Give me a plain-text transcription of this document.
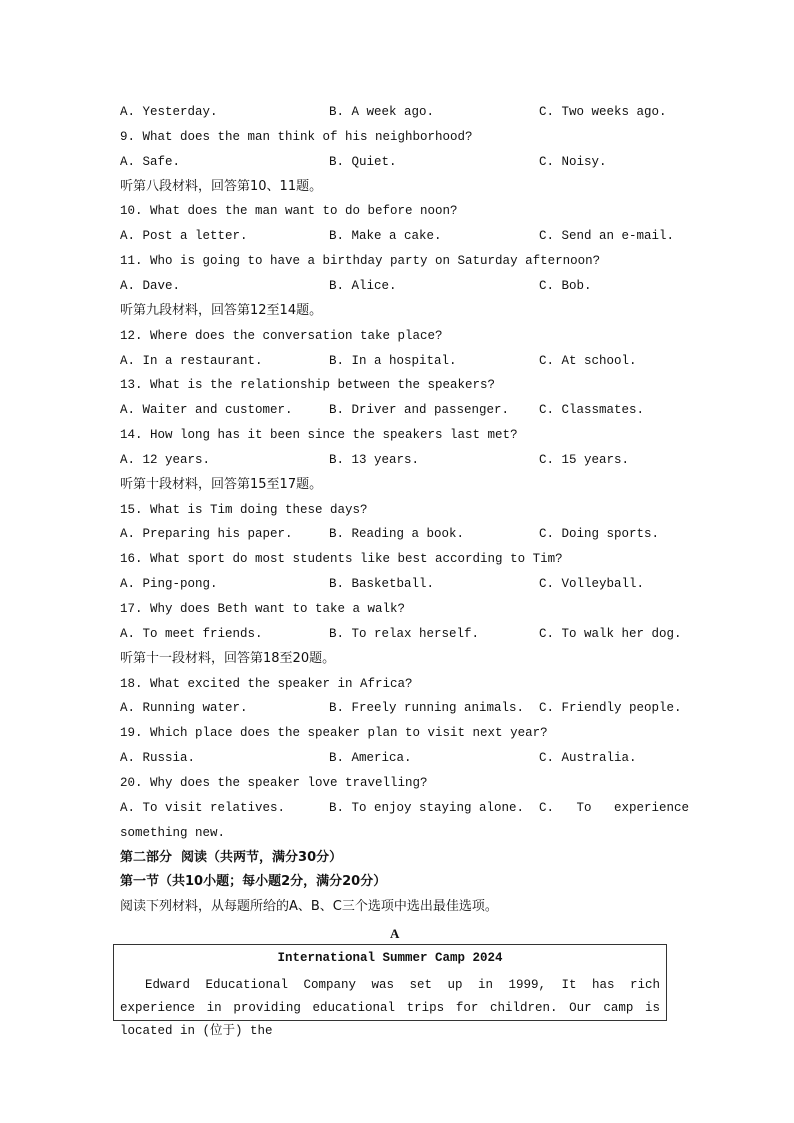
A. Yesterday.	B. A week ago.	C. Two weeks ago.
9. What does the man think of his neighborhood?
A. Safe.	B. Quiet.	C. Noisy.
听第八段材料，回答第10、11题。
10. What does the man want to do before noon?
A. Post a letter.	B. Make a cake.	C. Send an e-mail.
11. Who is going to have a birthday party on Saturday afternoon?
A. Dave.	B. Alice.	C. Bob.
听第九段材料，回答第12至14题。
12. Where does the conversation take place?
A. In a restaurant.	B. In a hospital.	C. At school.
13. What is the relationship between the speakers?
A. Waiter and customer.	B. Driver and passenger. C. Classmates.
14. How long has it been since the speakers last met?
A. 12 years.	B. 13 years.	C. 15 years.
听第十段材料，回答第15至17题。
15. What is Tim doing these days?
A. Preparing his paper.	B. Reading a book.	C. Doing sports.
16. What sport do most students like best according to Tim?
A. Ping-pong.	B. Basketball.	C. Volleyball.
17. Why does Beth want to take a walk?
A. To meet friends.	B. To relax herself.	C. To walk her dog.
听第十一段材料，回答第18至20题。
18. What excited the speaker in Africa?
A. Running water.	B. Freely running animals. C. Friendly people.
19. Which place does the speaker plan to visit next year?
A. Russia.	B. America.	C. Australia.
20. Why does the speaker love travelling?
A. To visit relatives.	B. To enjoy staying alone. C.   To   experience
something new.
第二部分  阅读（共两节，满分30分）
第一节（共10小题；每小题2分，满分20分）
阅读下列材料，从每题所给的A、B、C三个选项中选出最佳选项。
A
International Summer Camp 2024
Edward Educational Company was set up in 1999, It has rich experience in providing educational trips for children. Our camp is located in (位于) the
